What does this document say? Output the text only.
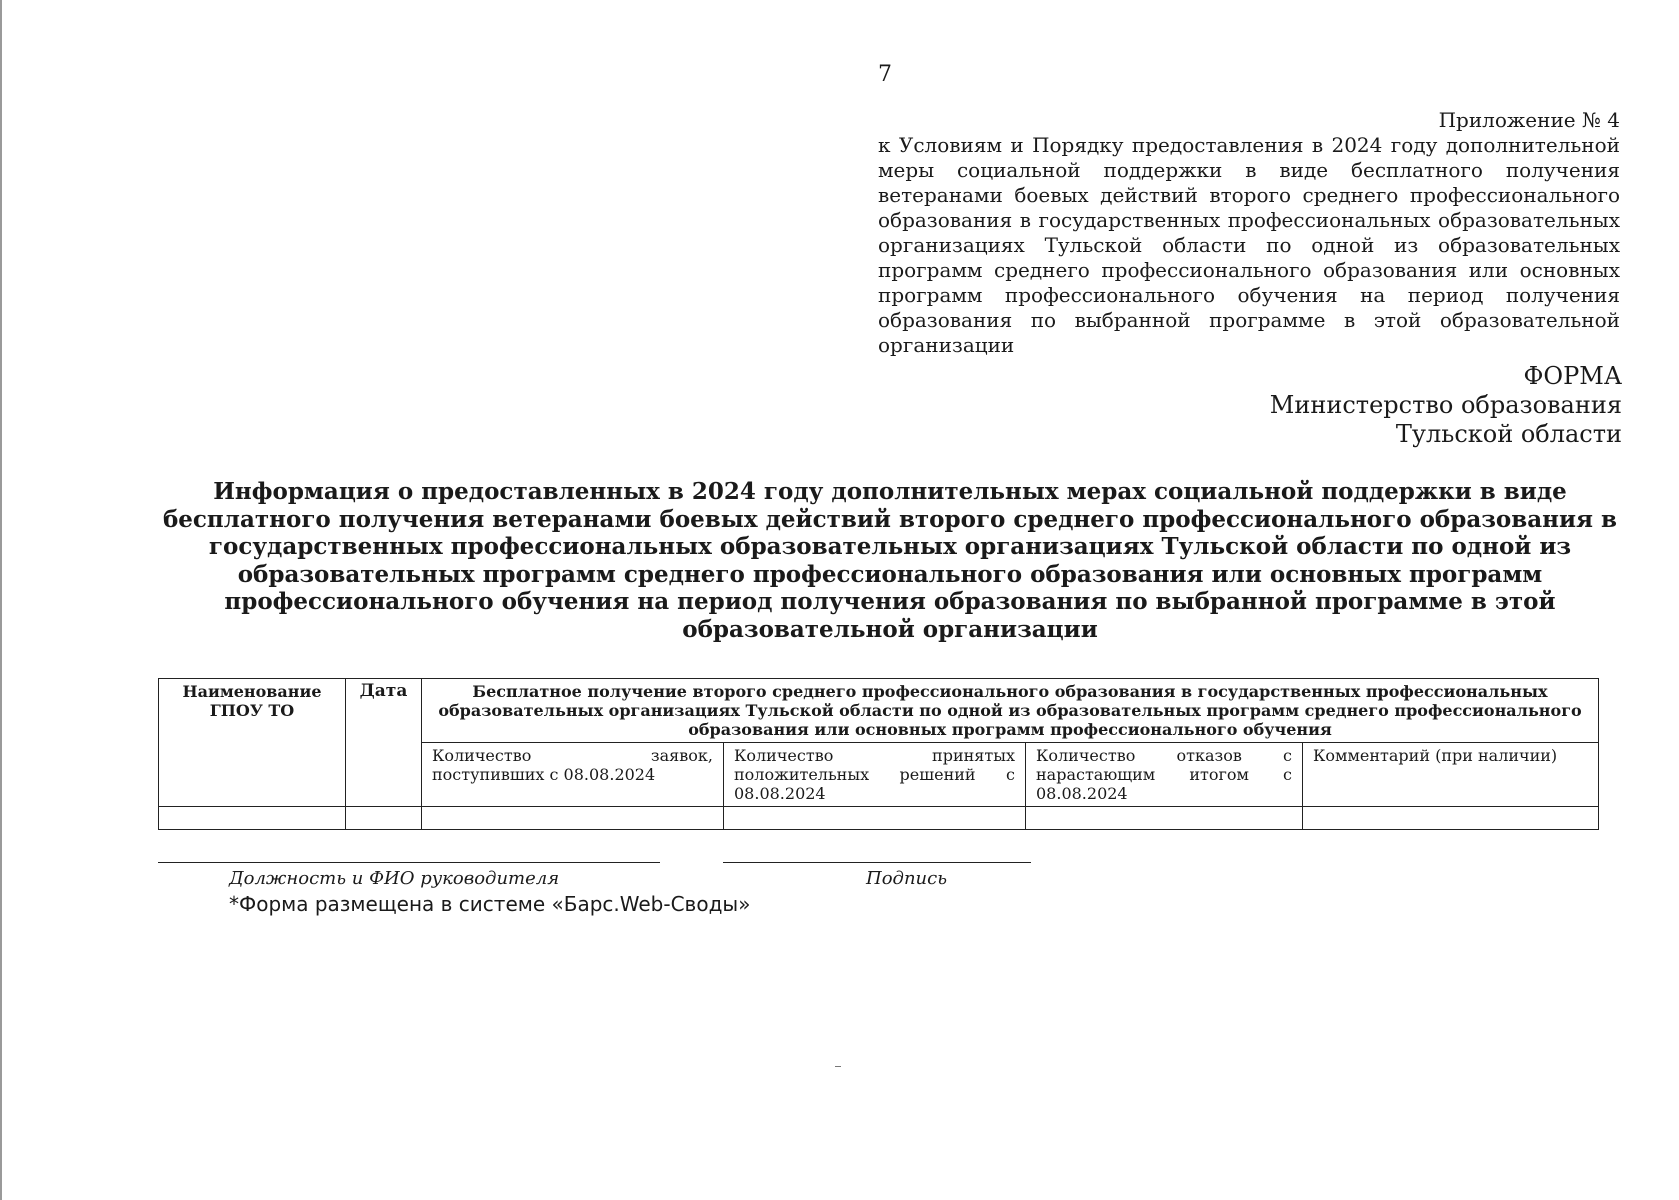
7
Приложение № 4
к Условиям и Порядку предоставления в 2024 году дополнительной меры социальной поддержки в виде бесплатного получения ветеранами боевых действий второго среднего профессионального образования в государственных профессиональных образовательных организациях Тульской области по одной из образовательных программ среднего профессионального образования или основных программ профессионального обучения на период получения образования по выбранной программе в этой образовательной организации
ФОРМА
Министерство образования
Тульской области
Информация о предоставленных в 2024 году дополнительных мерах социальной поддержки в виде бесплатного получения ветеранами боевых действий второго среднего профессионального образования в государственных профессиональных образовательных организациях Тульской области по одной из образовательных программ среднего профессионального образования или основных программ профессионального обучения на период получения образования по выбранной программе в этой образовательной организации
Наименование ГПОУ ТО	Дата	Бесплатное получение второго среднего профессионального образования в государственных профессиональных образовательных организациях Тульской области по одной из образовательных программ среднего профессионального образования или основных программ профессионального обучения			
		Количество заявок, поступивших с 08.08.2024	Количество принятых положительных решений с 08.08.2024	Количество отказов с нарастающим итогом с 08.08.2024	Комментарий (при наличии)

Должность и ФИО руководителя	Подпись
*Форма размещена в системе «Барс.Web-Своды»
